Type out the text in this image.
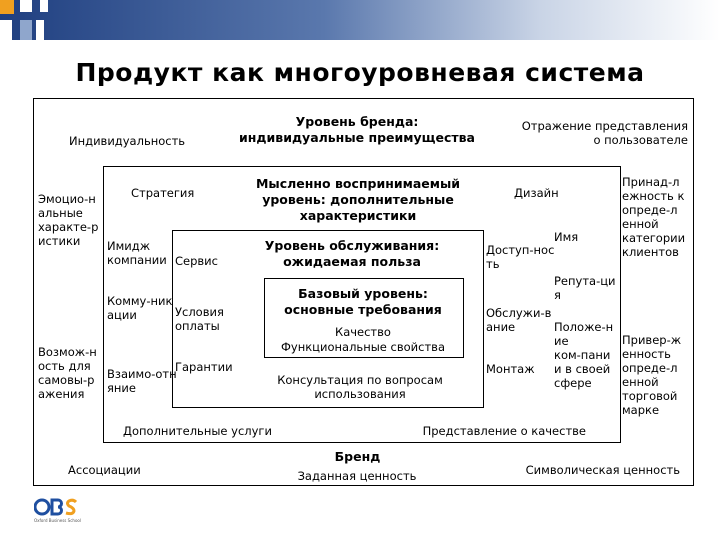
Продукт как многоуровневая система
Уровень бренда:
индивидуальные преимущества
Индивидуальность
Отражение представления
о пользователе
Эмоцио-н
альные
характе-р
истики
Принад-л
ежность к
опреде-л
енной
категории
клиентов
Возмож-н
ость для
самовы-р
ажения
Привер-ж
енность
опреде-л
енной
торговой
марке
Ассоциации
Бренд
Заданная ценность	Символическая ценность
Мысленно воспринимаемый
уровень: дополнительные
характеристики
Стратегия	Дизайн
Имидж
компании
Комму-ник
ации
Взаимо-отн
яние
Имя
Репута-ци
я
Положе-н
ие
ком-пани
и в своей
сфере
Дополнительные услуги	Представление о качестве
Уровень обслуживания:
ожидаемая польза
Сервис
Условия
оплаты
Гарантии
Доступ-нос
ть
Обслужи-в
ание
Монтаж
Консультация по вопросам
использования
Базовый уровень:
основные требования
Качество
Функциональные свойства
Oxford Business School
